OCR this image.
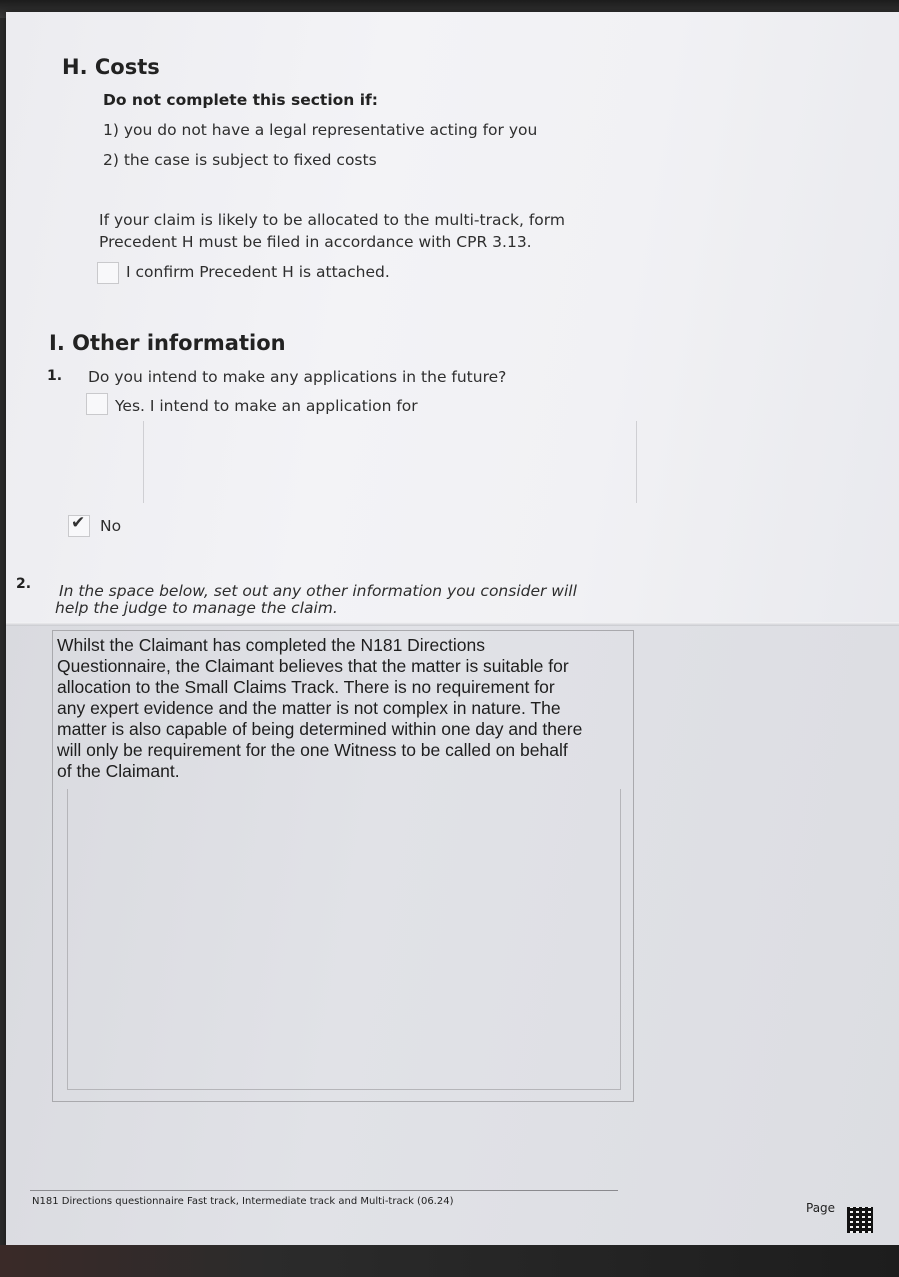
H. Costs
Do not complete this section if:
1) you do not have a legal representative acting for you
2) the case is subject to fixed costs
If your claim is likely to be allocated to the multi-track, form
Precedent H must be filed in accordance with CPR 3.13.
I confirm Precedent H is attached.
I. Other information
1. Do you intend to make any applications in the future?
Yes. I intend to make an application for
✔ No
2. In the space below, set out any other information you consider will
help the judge to manage the claim.
Whilst the Claimant has completed the N181 Directions
Questionnaire, the Claimant believes that the matter is suitable for
allocation to the Small Claims Track. There is no requirement for
any expert evidence and the matter is not complex in nature. The
matter is also capable of being determined within one day and there
will only be requirement for the one Witness to be called on behalf
of the Claimant.
N181 Directions questionnaire Fast track, Intermediate track and Multi-track (06.24)	Page
